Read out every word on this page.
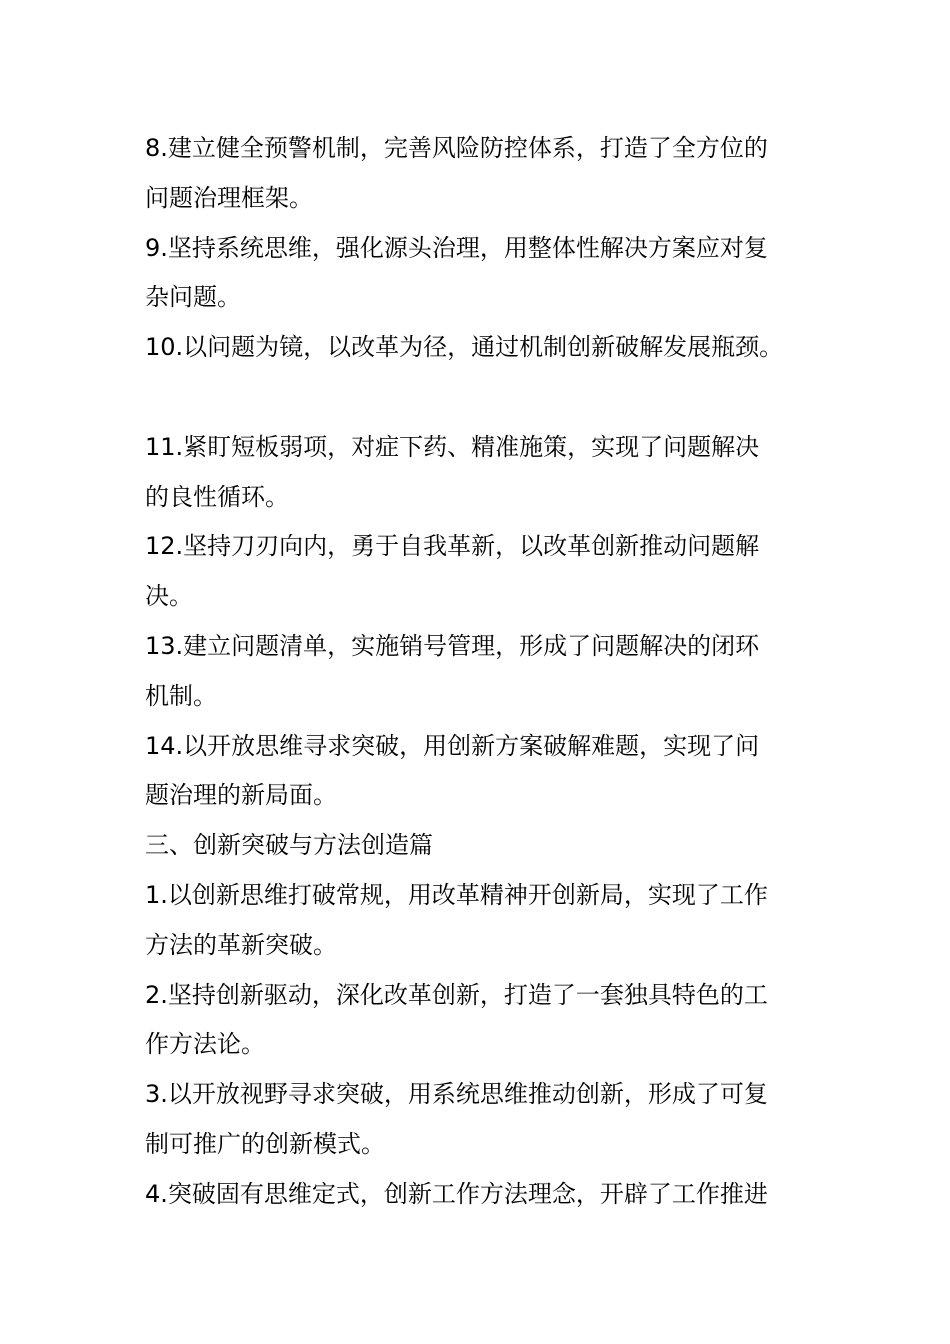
8.建立健全预警机制，完善风险防控体系，打造了全方位的

问题治理框架。

9.坚持系统思维，强化源头治理，用整体性解决方案应对复

杂问题。

10.以问题为镜，以改革为径，通过机制创新破解发展瓶颈。

11.紧盯短板弱项，对症下药、精准施策，实现了问题解决

的良性循环。

12.坚持刀刃向内，勇于自我革新，以改革创新推动问题解

决。

13.建立问题清单，实施销号管理，形成了问题解决的闭环

机制。

14.以开放思维寻求突破，用创新方案破解难题，实现了问

题治理的新局面。

三、创新突破与方法创造篇

1.以创新思维打破常规，用改革精神开创新局，实现了工作

方法的革新突破。

2.坚持创新驱动，深化改革创新，打造了一套独具特色的工

作方法论。

3.以开放视野寻求突破，用系统思维推动创新，形成了可复

制可推广的创新模式。

4.突破固有思维定式，创新工作方法理念，开辟了工作推进
